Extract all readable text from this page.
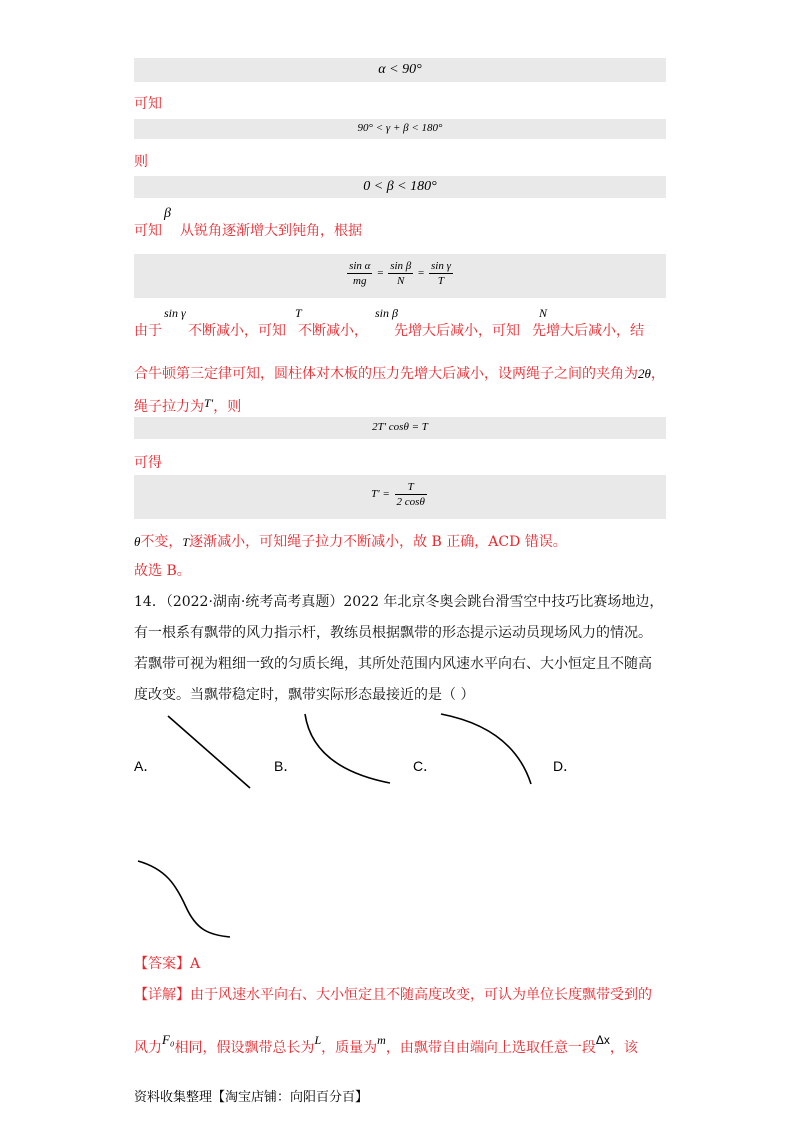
α < 90°
可知
90° < γ + β < 180°
则
0 < β < 180°
可知 从锐角逐渐增大到钝角，根据
β
$\frac{\text{sin α}}{mg} = \frac{\text{sin β}}{N} = \frac{\text{sin γ}}{T}$
由于 不断减小，可知 不断减小， 先增大后减小，可知 先增大后减小，结
sin γ	T	sin β	N
合牛顿第三定律可知，圆柱体对木板的压力先增大后减小，设两绳子之间的夹角为2θ，
绳子拉力为T'，则
2T' cosθ = T
可得
$T' = \frac{T}{2 \cos\theta}$
θ不变，T逐渐减小，可知绳子拉力不断减小，故 B 正确，ACD 错误。
故选 B。
14．（2022·湖南·统考高考真题）2022 年北京冬奥会跳台滑雪空中技巧比赛场地边，
有一根系有飘带的风力指示杆，教练员根据飘带的形态提示运动员现场风力的情况。
若飘带可视为粗细一致的匀质长绳，其所处范围内风速水平向右、大小恒定且不随高
度改变。当飘带稳定时，飘带实际形态最接近的是（ ）
A．	B．	C．	D．
【答案】A
【详解】由于风速水平向右、大小恒定且不随高度改变，可认为单位长度飘带受到的
风力F₀相同，假设飘带总长为L，质量为m，由飘带自由端向上选取任意一段Δx，该
资料收集整理【淘宝店铺：向阳百分百】
